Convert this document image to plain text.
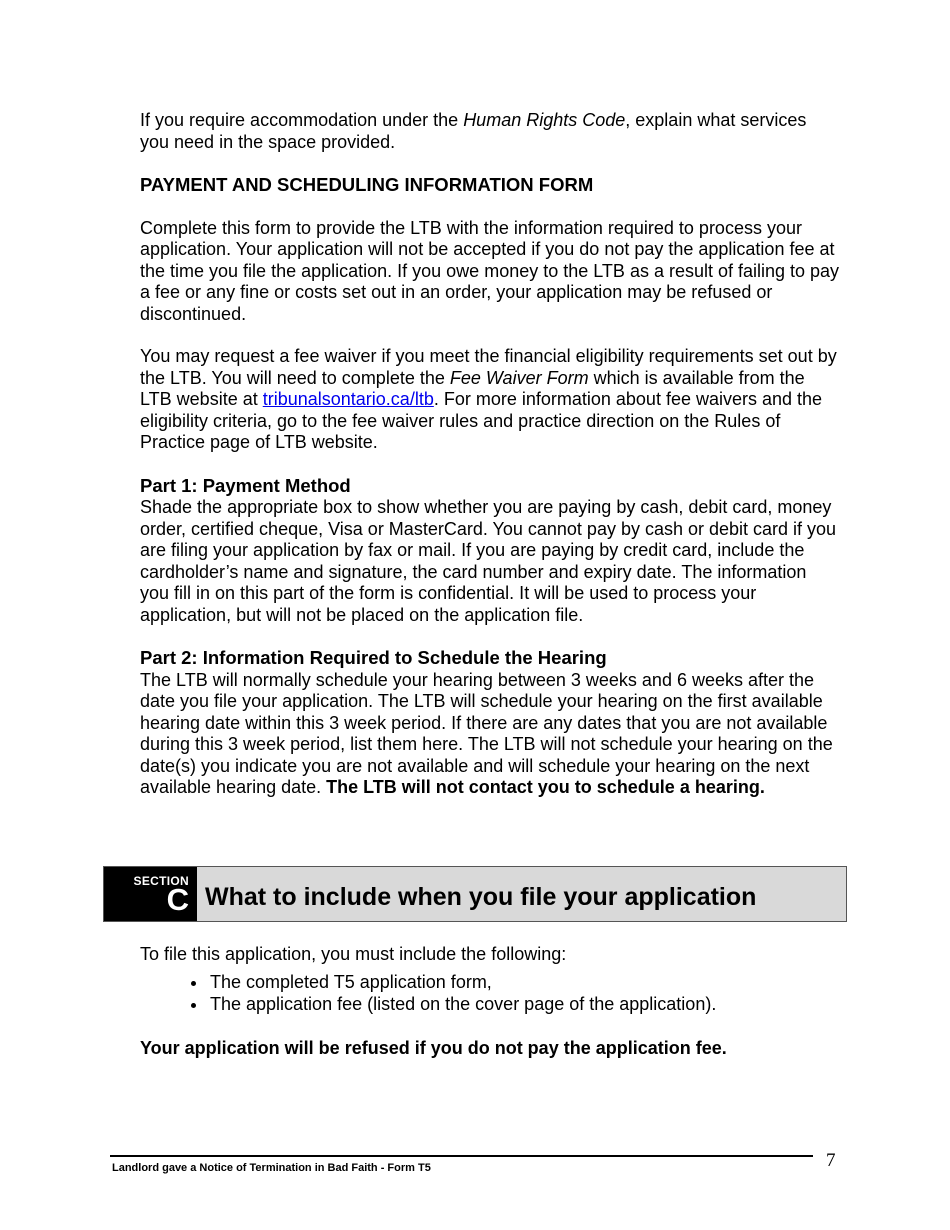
If you require accommodation under the Human Rights Code, explain what services you need in the space provided.

PAYMENT AND SCHEDULING INFORMATION FORM

Complete this form to provide the LTB with the information required to process your application. Your application will not be accepted if you do not pay the application fee at the time you file the application. If you owe money to the LTB as a result of failing to pay a fee or any fine or costs set out in an order, your application may be refused or discontinued.

You may request a fee waiver if you meet the financial eligibility requirements set out by the LTB. You will need to complete the Fee Waiver Form which is available from the LTB website at tribunalsontario.ca/ltb. For more information about fee waivers and the eligibility criteria, go to the fee waiver rules and practice direction on the Rules of Practice page of LTB website.

Part 1: Payment Method

Shade the appropriate box to show whether you are paying by cash, debit card, money order, certified cheque, Visa or MasterCard. You cannot pay by cash or debit card if you are filing your application by fax or mail. If you are paying by credit card, include the cardholder’s name and signature, the card number and expiry date. The information you fill in on this part of the form is confidential. It will be used to process your application, but will not be placed on the application file.

Part 2: Information Required to Schedule the Hearing

The LTB will normally schedule your hearing between 3 weeks and 6 weeks after the date you file your application. The LTB will schedule your hearing on the first available hearing date within this 3 week period. If there are any dates that you are not available during this 3 week period, list them here. The LTB will not schedule your hearing on the date(s) you indicate you are not available and will schedule your hearing on the next available hearing date. The LTB will not contact you to schedule a hearing.

SECTION
C What to include when you file your application

To file this application, you must include the following:

• The completed T5 application form,
• The application fee (listed on the cover page of the application).

Your application will be refused if you do not pay the application fee.

Landlord gave a Notice of Termination in Bad Faith - Form T5	7
